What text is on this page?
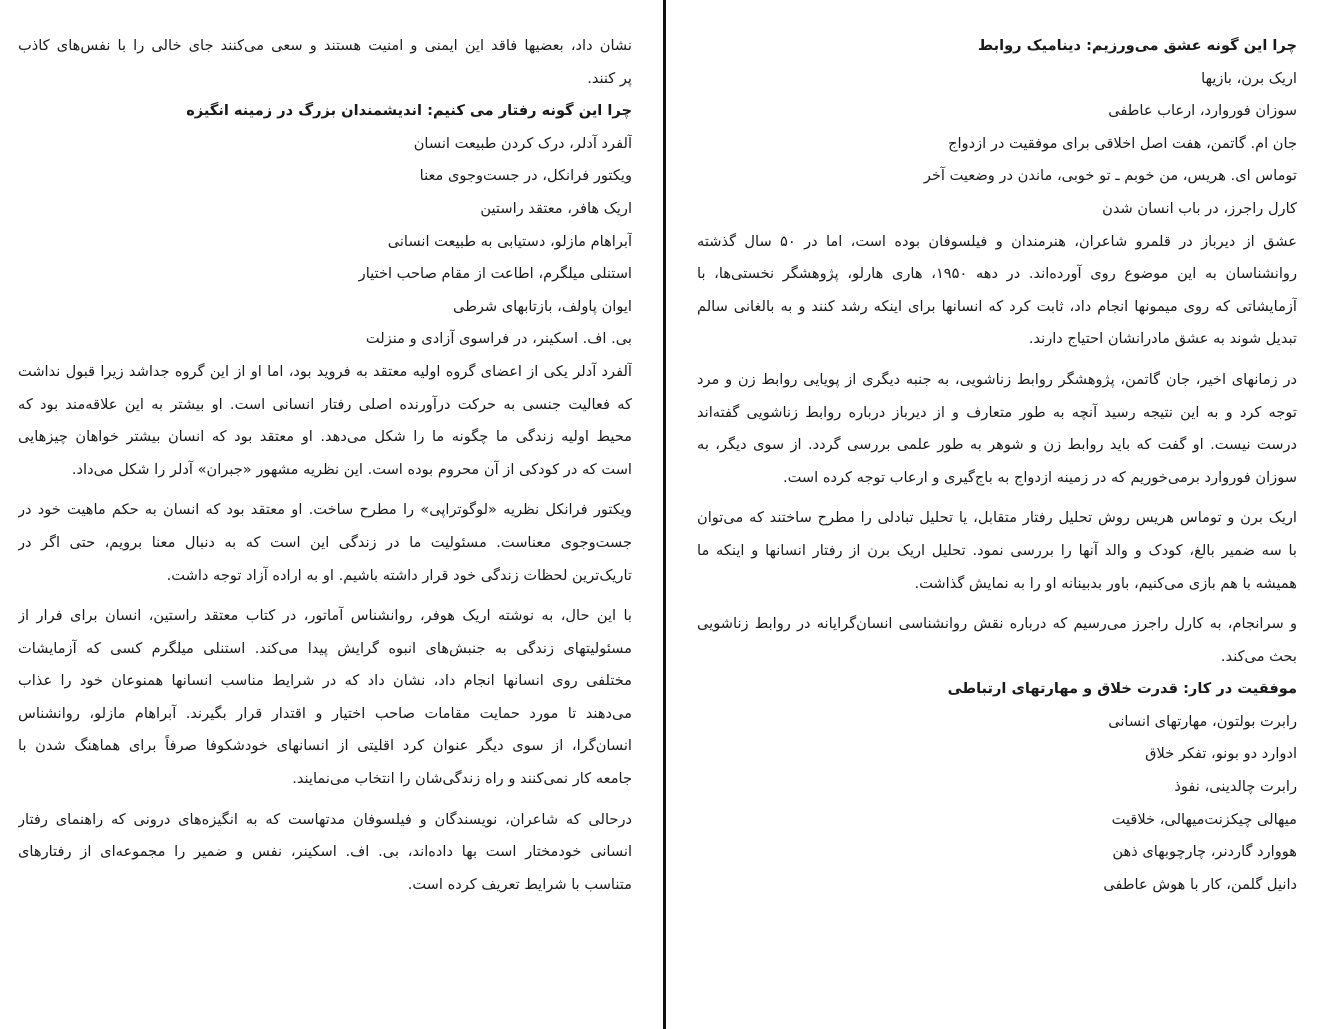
چرا این گونه عشق می‌ورزیم: دینامیک روابط
اریک برن، بازیها
سوزان فوروارد، ارعاب عاطفی
جان ام. گاتمن، هفت اصل اخلاقی برای موفقیت در ازدواج
توماس ای. هریس، من خوبم ـ تو خوبی، ماندن در وضعیت آخر
کارل راجرز، در باب انسان شدن
عشق از دیرباز در قلمرو شاعران، هنرمندان و فیلسوفان بوده است، اما در ۵۰ سال گذشته
روانشناسان به این موضوع روی آورده‌اند. در دهه ۱۹۵۰، هاری هارلو، پژوهشگر نخستی‌ها، با
آزمایشاتی که روی میمونها انجام داد، ثابت کرد که انسانها برای اینکه رشد کنند و به بالغانی سالم
تبدیل شوند به عشق مادرانشان احتیاج دارند.
در زمانهای اخیر، جان گاتمن، پژوهشگر روابط زناشویی، به جنبه دیگری از پویایی روابط زن و مرد
توجه کرد و به این نتیجه رسید آنچه به طور متعارف و از دیرباز درباره روابط زناشویی گفته‌اند
درست نیست. او گفت که باید روابط زن و شوهر به طور علمی بررسی گردد. از سوی دیگر، به
سوزان فوروارد برمی‌خوریم که در زمینه ازدواج به باج‌گیری و ارعاب توجه کرده است.
اریک برن و توماس هریس روش تحلیل رفتار متقابل، یا تحلیل تبادلی را مطرح ساختند که می‌توان
با سه ضمیر بالغ، کودک و والد آنها را بررسی نمود. تحلیل اریک برن از رفتار انسانها و اینکه ما
همیشه با هم بازی می‌کنیم، باور بدبینانه او را به نمایش گذاشت.
و سرانجام، به کارل راجرز می‌رسیم که درباره نقش روانشناسی انسان‌گرایانه در روابط زناشویی
بحث می‌کند.
موفقیت در کار: قدرت خلاق و مهارتهای ارتباطی
رابرت بولتون، مهارتهای انسانی
ادوارد دو بونو، تفکر خلاق
رابرت چالدینی، نفوذ
میهالی چیکزنت‌میهالی، خلاقیت
هووارد گاردنر، چارچوبهای ذهن
دانیل گلمن، کار با هوش عاطفی
نشان داد، بعضیها فاقد این ایمنی و امنیت هستند و سعی می‌کنند جای خالی را با نفس‌های کاذب
پر کنند.
چرا این گونه رفتار می کنیم: اندیشمندان بزرگ در زمینه انگیزه
آلفرد آدلر، درک کردن طبیعت انسان
ویکتور فرانکل، در جست‌وجوی معنا
اریک هافر، معتقد راستین
آبراهام مازلو، دستیابی به طبیعت انسانی
استنلی میلگرم، اطاعت از مقام صاحب اختیار
ایوان پاولف، بازتابهای شرطی
بی. اف. اسکینر، در فراسوی آزادی و منزلت
آلفرد آدلر یکی از اعضای گروه اولیه معتقد به فروید بود، اما او از این گروه جداشد زیرا قبول نداشت
که فعالیت جنسی به حرکت درآورنده اصلی رفتار انسانی است. او بیشتر به این علاقه‌مند بود که
محیط اولیه زندگی ما چگونه ما را شکل می‌دهد. او معتقد بود که انسان بیشتر خواهان چیزهایی
است که در کودکی از آن محروم بوده است. این نظریه مشهور «جبران» آدلر را شکل می‌داد.
ویکتور فرانکل نظریه «لوگوتراپی» را مطرح ساخت. او معتقد بود که انسان به حکم ماهیت خود در
جست‌وجوی معناست. مسئولیت ما در زندگی این است که به دنبال معنا برویم، حتی اگر در
تاریک‌ترین لحظات زندگی خود قرار داشته باشیم. او به اراده آزاد توجه داشت.
با این حال، به نوشته اریک هوفر، روانشناس آماتور، در کتاب معتقد راستین، انسان برای فرار از
مسئولیتهای زندگی به جنبش‌های انبوه گرایش پیدا می‌کند. استنلی میلگرم کسی که آزمایشات
مختلفی روی انسانها انجام داد، نشان داد که در شرایط مناسب انسانها همنوعان خود را عذاب
می‌دهند تا مورد حمایت مقامات صاحب اختیار و اقتدار قرار بگیرند. آبراهام مازلو، روانشناس
انسان‌گرا، از سوی دیگر عنوان کرد اقلیتی از انسانهای خودشکوفا صرفاً برای هماهنگ شدن با
جامعه کار نمی‌کنند و راه زندگی‌شان را انتخاب می‌نمایند.
درحالی که شاعران، نویسندگان و فیلسوفان مدتهاست که به انگیزه‌های درونی که راهنمای رفتار
انسانی خودمختار است بها داده‌اند، بی. اف. اسکینر، نفس و ضمیر را مجموعه‌ای از رفتارهای
متناسب با شرایط تعریف کرده است.
